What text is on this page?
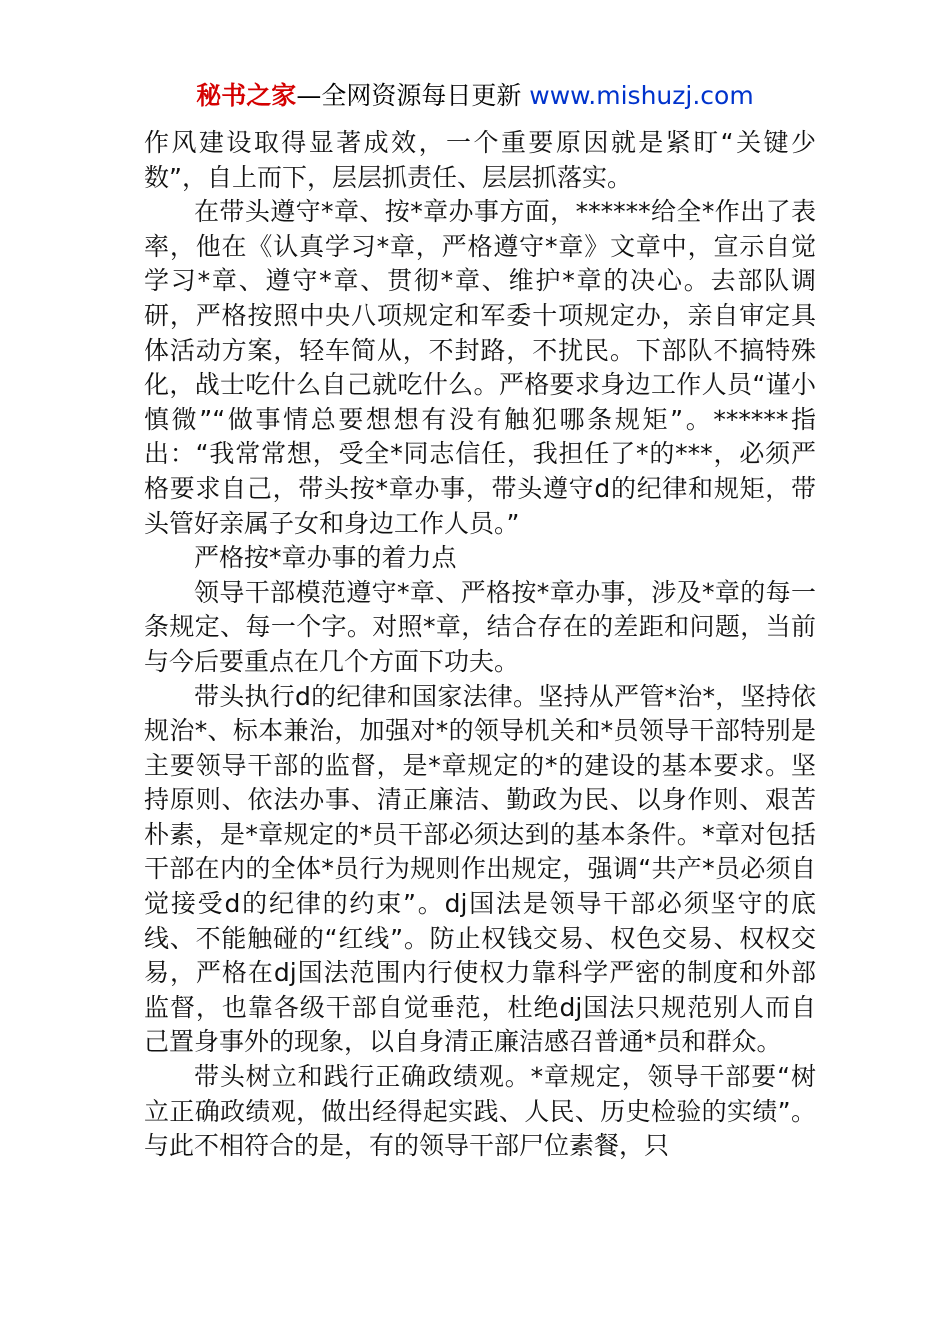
秘书之家—全网资源每日更新 www.mishuzj.com

作风建设取得显著成效，一个重要原因就是紧盯“关键少数”，自上而下，层层抓责任、层层抓落实。

在带头遵守*章、按*章办事方面，******给全*作出了表率，他在《认真学习*章，严格遵守*章》文章中，宣示自觉学习*章、遵守*章、贯彻*章、维护*章的决心。去部队调研，严格按照中央八项规定和军委十项规定办，亲自审定具体活动方案，轻车简从，不封路，不扰民。下部队不搞特殊化，战士吃什么自己就吃什么。严格要求身边工作人员“谨小慎微”“做事情总要想想有没有触犯哪条规矩”。******指出：“我常常想，受全*同志信任，我担任了*的***，必须严格要求自己，带头按*章办事，带头遵守d的纪律和规矩，带头管好亲属子女和身边工作人员。”

严格按*章办事的着力点

领导干部模范遵守*章、严格按*章办事，涉及*章的每一条规定、每一个字。对照*章，结合存在的差距和问题，当前与今后要重点在几个方面下功夫。

带头执行d的纪律和国家法律。坚持从严管*治*，坚持依规治*、标本兼治，加强对*的领导机关和*员领导干部特别是主要领导干部的监督，是*章规定的*的建设的基本要求。坚持原则、依法办事、清正廉洁、勤政为民、以身作则、艰苦朴素，是*章规定的*员干部必须达到的基本条件。*章对包括干部在内的全体*员行为规则作出规定，强调“共产*员必须自觉接受d的纪律的约束”。dj国法是领导干部必须坚守的底线、不能触碰的“红线”。防止权钱交易、权色交易、权权交易，严格在dj国法范围内行使权力靠科学严密的制度和外部监督，也靠各级干部自觉垂范，杜绝dj国法只规范别人而自己置身事外的现象，以自身清正廉洁感召普通*员和群众。

带头树立和践行正确政绩观。*章规定，领导干部要“树立正确政绩观，做出经得起实践、人民、历史检验的实绩”。与此不相符合的是，有的领导干部尸位素餐，只
